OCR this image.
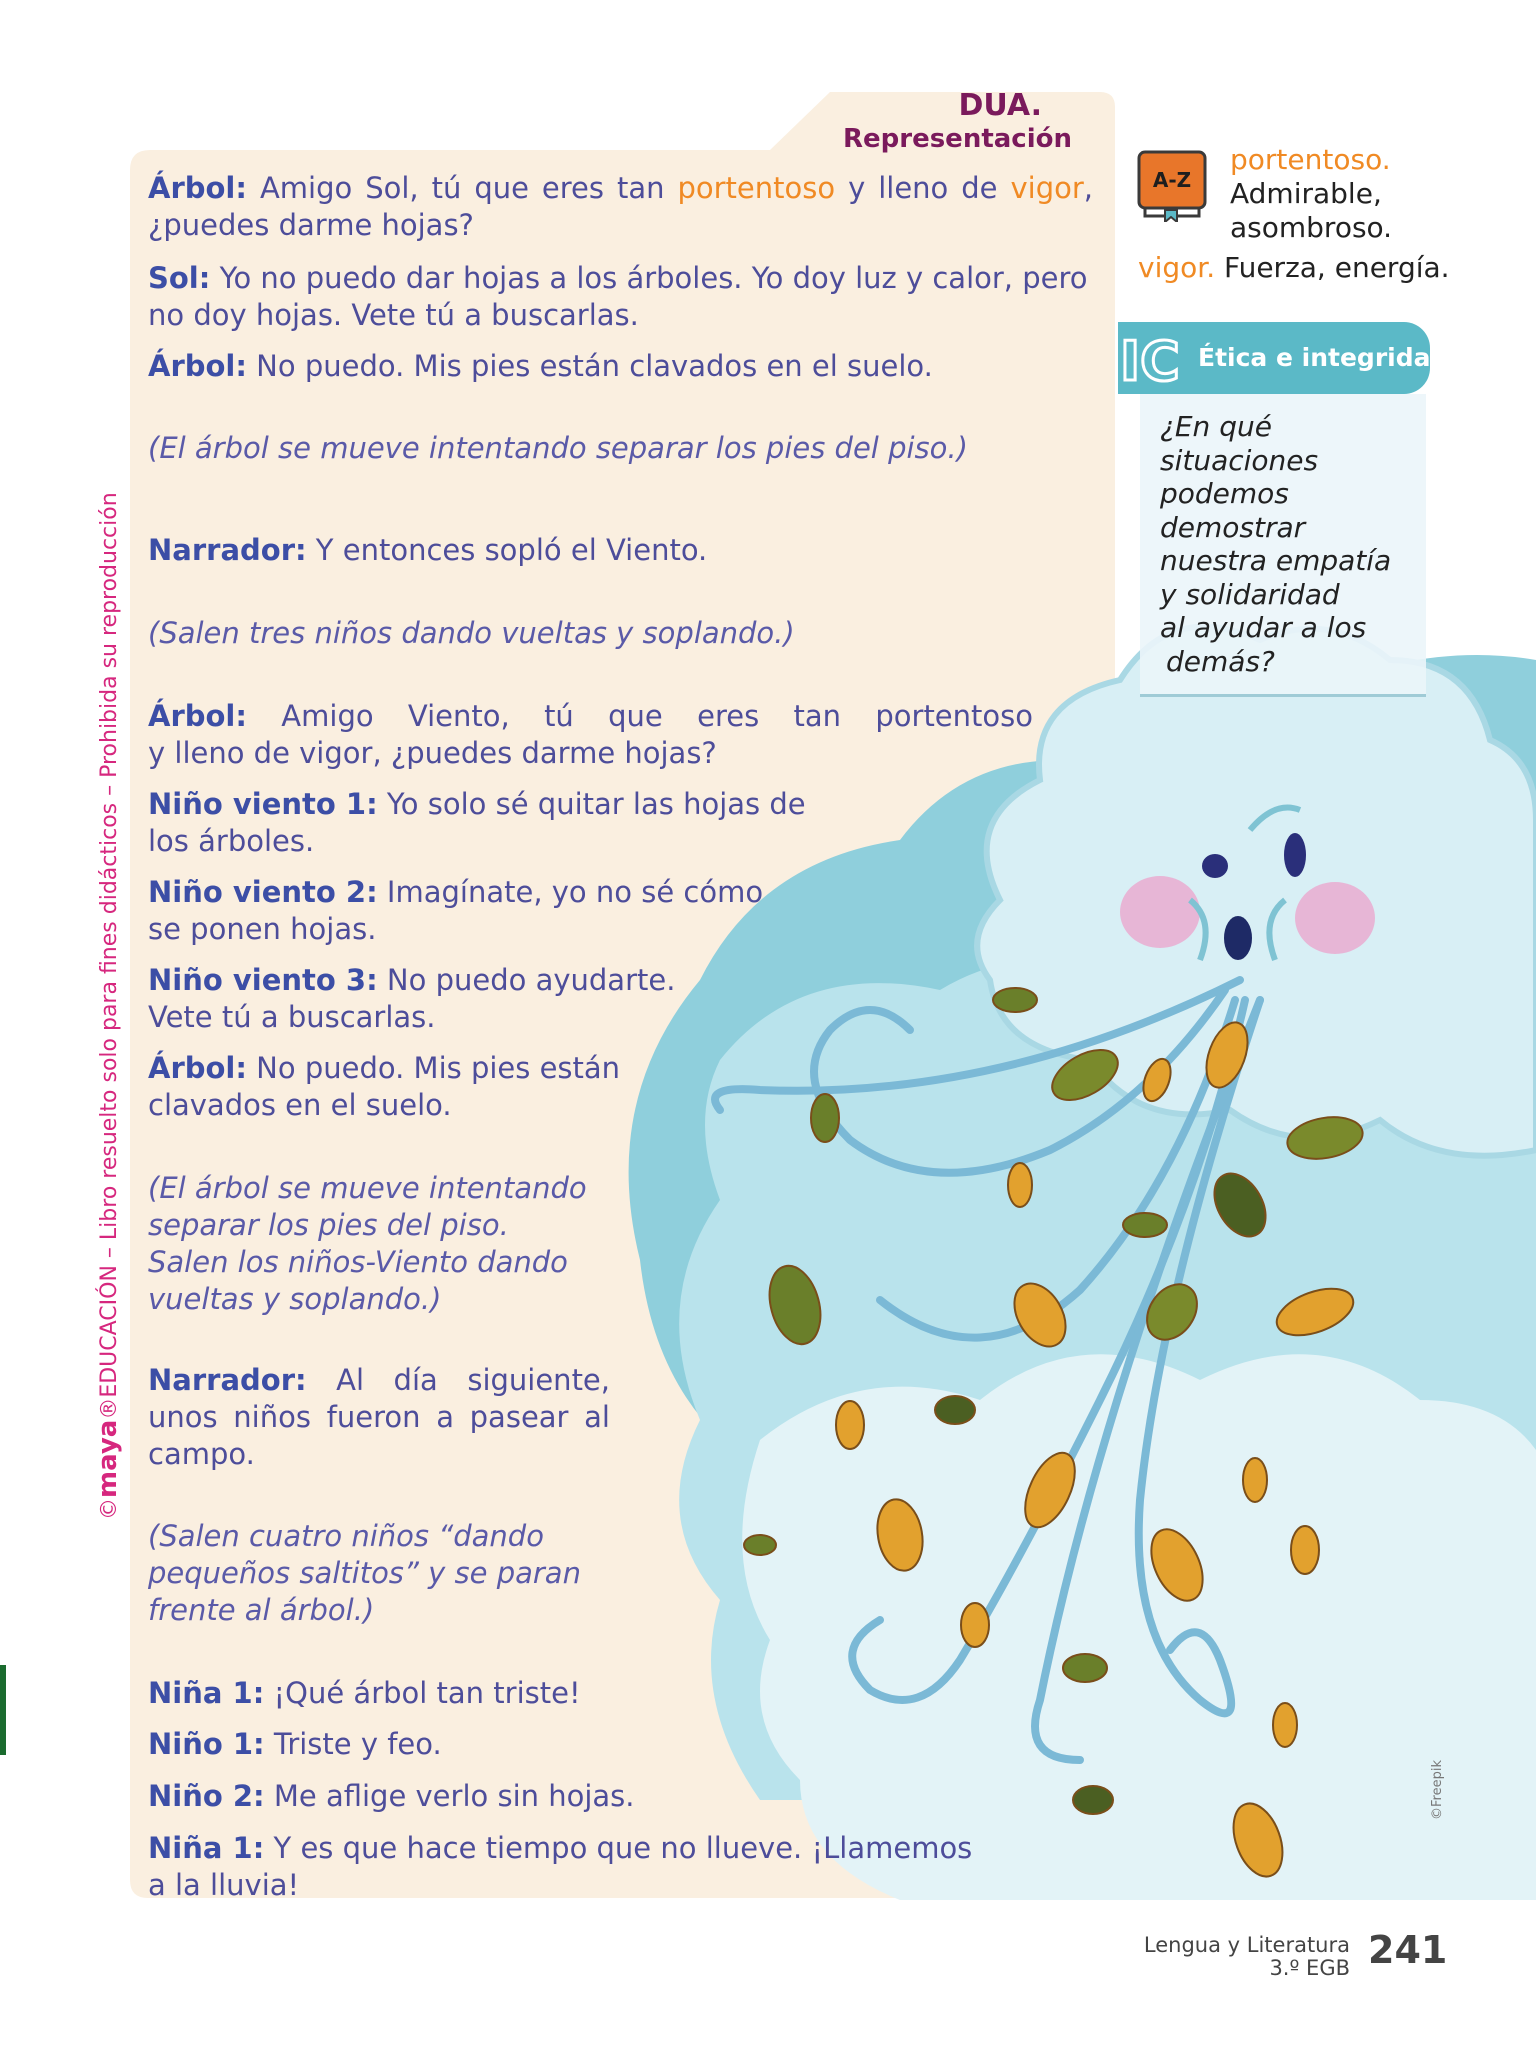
DUA.
Representación
Árbol: Amigo Sol, tú que eres tan portentoso y lleno de vigor,
¿puedes darme hojas?
Sol: Yo no puedo dar hojas a los árboles. Yo doy luz y calor, pero
no doy hojas. Vete tú a buscarlas.
Árbol: No puedo. Mis pies están clavados en el suelo.
(El árbol se mueve intentando separar los pies del piso.)
Narrador: Y entonces sopló el Viento.
(Salen tres niños dando vueltas y soplando.)
Árbol: Amigo Viento, tú que eres tan portentoso
y lleno de vigor, ¿puedes darme hojas?
Niño viento 1: Yo solo sé quitar las hojas de
los árboles.
Niño viento 2: Imagínate, yo no sé cómo
se ponen hojas.
Niño viento 3: No puedo ayudarte.
Vete tú a buscarlas.
Árbol: No puedo. Mis pies están
clavados en el suelo.
(El árbol se mueve intentando
separar los pies del piso.
Salen los niños-Viento dando
vueltas y soplando.)
Narrador: Al día siguiente,
unos niños fueron a pasear al
campo.
(Salen cuatro niños “dando
pequeños saltitos” y se paran
frente al árbol.)
Niña 1: ¡Qué árbol tan triste!
Niño 1: Triste y feo.
Niño 2: Me aflige verlo sin hojas.
Niña 1: Y es que hace tiempo que no llueve. ¡Llamemos
a la lluvia!
A-Z
portentoso.
Admirable,
asombroso.
vigor. Fuerza, energía.
IC Ética e integridad
¿En qué
situaciones
podemos
demostrar
nuestra empatía
y solidaridad
al ayudar a los
demás?
©maya®EDUCACIÓN – Libro resuelto solo para fines didácticos – Prohibida su reproducción
Lengua y Literatura
3.º EGB 241
©Freepik
